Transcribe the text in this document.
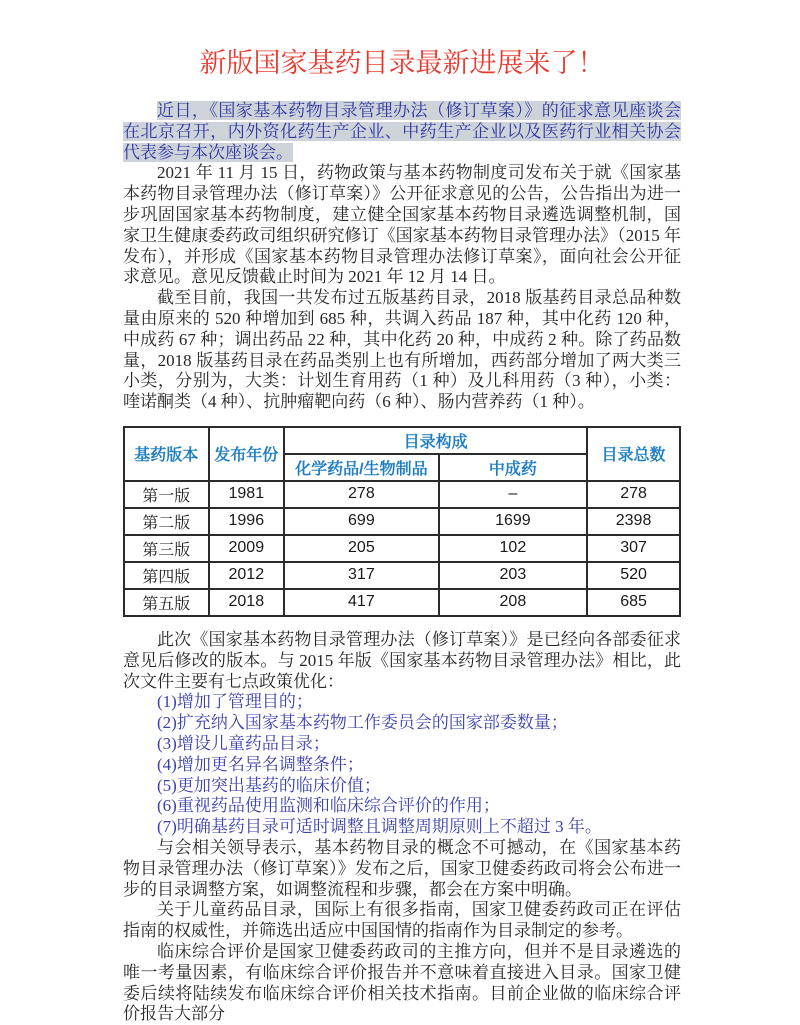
新版国家基药目录最新进展来了！

近日，《国家基本药物目录管理办法（修订草案）》的征求意见座谈会在北京召开，内外资化药生产企业、中药生产企业以及医药行业相关协会代表参与本次座谈会。

2021 年 11 月 15 日，药物政策与基本药物制度司发布关于就《国家基本药物目录管理办法（修订草案）》公开征求意见的公告，公告指出为进一步巩固国家基本药物制度，建立健全国家基本药物目录遴选调整机制，国家卫生健康委药政司组织研究修订《国家基本药物目录管理办法》（2015 年发布），并形成《国家基本药物目录管理办法修订草案》，面向社会公开征求意见。意见反馈截止时间为 2021 年 12 月 14 日。

截至目前，我国一共发布过五版基药目录，2018 版基药目录总品种数量由原来的 520 种增加到 685 种，共调入药品 187 种，其中化药 120 种，中成药 67 种；调出药品 22 种，其中化药 20 种，中成药 2 种。除了药品数量，2018 版基药目录在药品类别上也有所增加，西药部分增加了两大类三小类，分别为，大类：计划生育用药（1 种）及儿科用药（3 种），小类：喹诺酮类（4 种）、抗肿瘤靶向药（6 种）、肠内营养药（1 种）。

基药版本	发布年份	目录构成		目录总数
		化学药品/生物制品	中成药	
第一版	1981	278	–	278
第二版	1996	699	1699	2398
第三版	2009	205	102	307
第四版	2012	317	203	520
第五版	2018	417	208	685

此次《国家基本药物目录管理办法（修订草案）》是已经向各部委征求意见后修改的版本。与 2015 年版《国家基本药物目录管理办法》相比，此次文件主要有七点政策优化：

(1)增加了管理目的；
(2)扩充纳入国家基本药物工作委员会的国家部委数量；
(3)增设儿童药品目录；
(4)增加更名异名调整条件；
(5)更加突出基药的临床价值；
(6)重视药品使用监测和临床综合评价的作用；
(7)明确基药目录可适时调整且调整周期原则上不超过 3 年。

与会相关领导表示，基本药物目录的概念不可撼动，在《国家基本药物目录管理办法（修订草案）》发布之后，国家卫健委药政司将会公布进一步的目录调整方案，如调整流程和步骤，都会在方案中明确。

关于儿童药品目录，国际上有很多指南，国家卫健委药政司正在评估指南的权威性，并筛选出适应中国国情的指南作为目录制定的参考。

临床综合评价是国家卫健委药政司的主推方向，但并不是目录遴选的唯一考量因素，有临床综合评价报告并不意味着直接进入目录。国家卫健委后续将陆续发布临床综合评价相关技术指南。目前企业做的临床综合评价报告大部分
